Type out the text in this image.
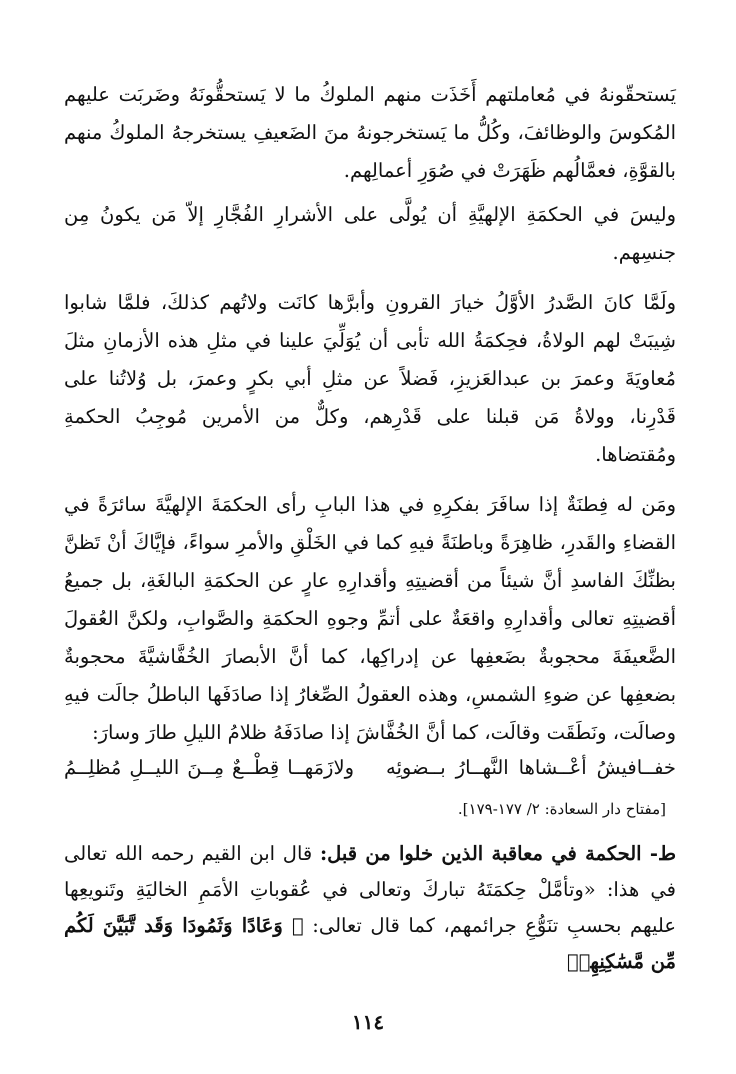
يَستحقّونهُ في مُعاملتهم أَخَذَت منهم الملوكُ ما لا يَستحقُّونَهُ وضَربَت عليهم المُكوسَ والوظائفَ، وكُلُّ ما يَستخرجونهُ منَ الضَعيفِ يستخرجهُ الملوكُ منهم بالقوَّةِ، فعمَّالُهم ظَهَرَتْ في صُوَرِ أعمالِهم.

وليسَ في الحكمَةِ الإلهيَّةِ أن يُولَّى على الأشرارِ الفُجَّارِ إلاّ مَن يكونُ مِن جنسِهم.

ولَمَّا كانَ الصَّدرُ الأوَّلُ خيارَ القرونِ وأبرَّها كانَت ولاتُهم كذلكَ، فلمَّا شابوا شِيبَتْ لهم الولاةُ، فحِكمَةُ الله تأبى أن يُوَلِّيَ علينا في مثلِ هذه الأزمانِ مثلَ مُعاويَةَ وعمرَ بن عبدالعَزيزِ، فَضلاً عن مثلِ أبي بكرٍ وعمرَ، بل وُلاتُنا على قَدْرِنا، وولاةُ مَن قبلنا على قَدْرِهم، وكلٌّ من الأمرين مُوجِبُ الحكمةِ ومُقتضاها.

ومَن له فِطنَةٌ إذا سافَرَ بفكرِهِ في هذا البابِ رأى الحكمَةَ الإلهيَّةَ سائرَةً في القضاءِ والقَدرِ، ظاهِرَةً وباطنَةً فيهِ كما في الخَلْقِ والأمرِ سواءً، فإيَّاكَ أنْ تَظنَّ بظنِّكَ الفاسدِ أنَّ شيئاً من أقضيتِهِ وأقدارِهِ عارٍ عن الحكمَةِ البالغَةِ، بل جميعُ أقضيتِهِ تعالى وأقدارِهِ واقعَةٌ على أتمِّ وجوهِ الحكمَةِ والصَّوابِ، ولكنَّ العُقولَ الضَّعيفَةَ محجوبةٌ بضَعفِها عن إدراكِها، كما أنَّ الأبصارَ الخُفَّاشيَّةَ محجوبةٌ بضعفِها عن ضوءِ الشمسِ، وهذه العقولُ الصِّغارُ إذا صادَفَها الباطلُ جالَت فيهِ وصالَت، ونَطَقَت وقالَت، كما أنَّ الخُفَّاشَ إذا صادَفَهُ ظلامُ الليلِ طارَ وسارَ:

خفــافيشُ أعْــشاها النَّهــارُ بــضوئِه
ولازَمَهــا قِطْــعٌ مِــنَ الليــلِ مُظلِــمُ
[مفتاح دار السعادة: ٢/ ١٧٧-١٧٩].
ط- الحكمة في معاقبة الذين خلوا من قبل: قال ابن القيم رحمه الله تعالى في هذا: «وتأمَّلْ حِكمَتَهُ تباركَ وتعالى في عُقوباتِ الأمَمِ الخاليَةِ وتَنويعِها عليهم بحسبِ تنَوُّعِ جرائمهم، كما قال تعالى: ﴿ وَعَادًا وَثَمُودَا وَقَد تَّبَيَّنَ لَكُم مِّن مَّسَٰكِنِهِمۡ
١١٤
